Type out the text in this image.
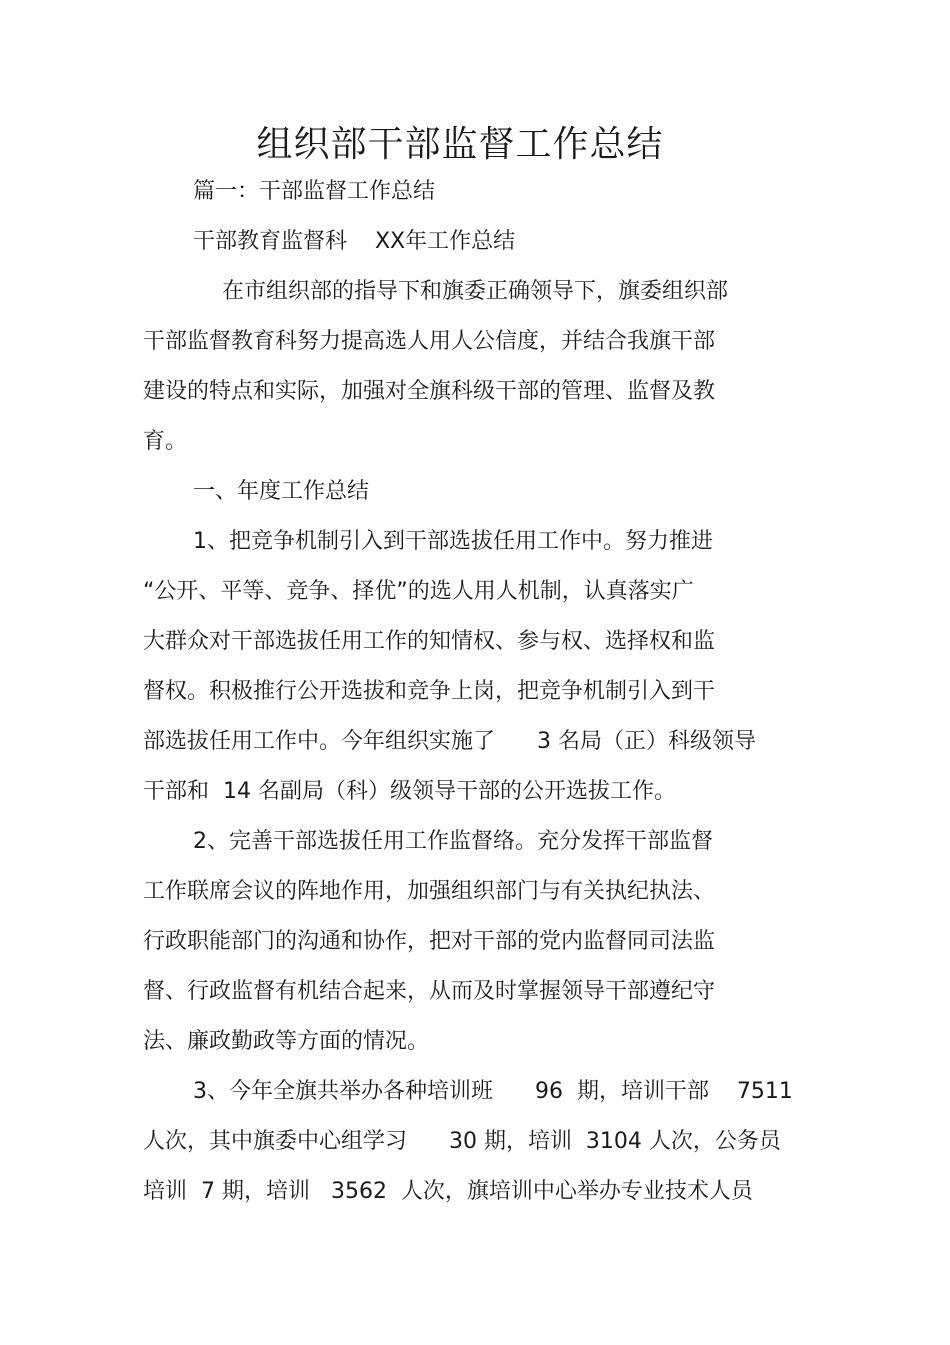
组织部干部监督工作总结
篇一：干部监督工作总结
干部教育监督科    XX年工作总结
在市组织部的指导下和旗委正确领导下，旗委组织部
干部监督教育科努力提高选人用人公信度，并结合我旗干部
建设的特点和实际，加强对全旗科级干部的管理、监督及教
育。
一、年度工作总结
1、把竞争机制引入到干部选拔任用工作中。努力推进
“公开、平等、竞争、择优”的选人用人机制，认真落实广
大群众对干部选拔任用工作的知情权、参与权、选择权和监
督权。积极推行公开选拔和竞争上岗，把竞争机制引入到干
部选拔任用工作中。今年组织实施了      3 名局（正）科级领导
干部和  14 名副局（科）级领导干部的公开选拔工作。
2、完善干部选拔任用工作监督络。充分发挥干部监督
工作联席会议的阵地作用，加强组织部门与有关执纪执法、
行政职能部门的沟通和协作，把对干部的党内监督同司法监
督、行政监督有机结合起来，从而及时掌握领导干部遵纪守
法、廉政勤政等方面的情况。
3、今年全旗共举办各种培训班      96  期，培训干部    7511
人次，其中旗委中心组学习      30 期，培训  3104 人次，公务员
培训  7 期，培训   3562  人次，旗培训中心举办专业技术人员
